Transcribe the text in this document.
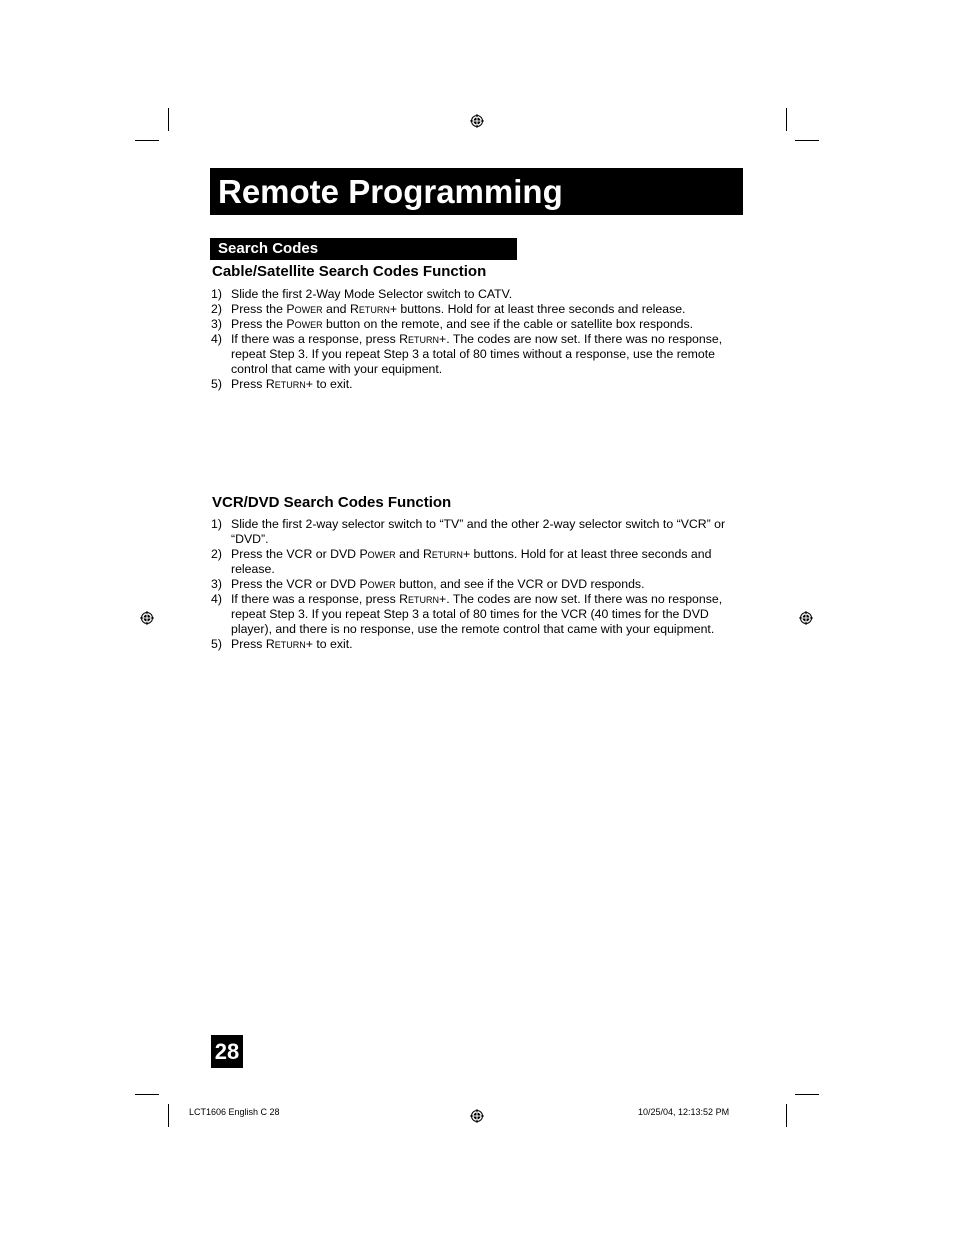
Remote Programming
Search Codes
Cable/Satellite Search Codes Function
1) Slide the first 2-Way Mode Selector switch to CATV.
2) Press the Power and Return+ buttons. Hold for at least three seconds and release.
3) Press the Power button on the remote, and see if the cable or satellite box responds.
4) If there was a response, press Return+. The codes are now set. If there was no response, repeat Step 3. If you repeat Step 3 a total of 80 times without a response, use the remote control that came with your equipment.
5) Press Return+ to exit.
VCR/DVD Search Codes Function
1) Slide the first 2-way selector switch to “TV” and the other 2-way selector switch to “VCR” or “DVD”.
2) Press the VCR or DVD Power and Return+ buttons. Hold for at least three seconds and release.
3) Press the VCR or DVD Power button, and see if the VCR or DVD responds.
4) If there was a response, press Return+. The codes are now set. If there was no response, repeat Step 3. If you repeat Step 3 a total of 80 times for the VCR (40 times for the DVD player), and there is no response, use the remote control that came with your equipment.
5) Press Return+ to exit.
28
LCT1606 English C 28	10/25/04, 12:13:52 PM
